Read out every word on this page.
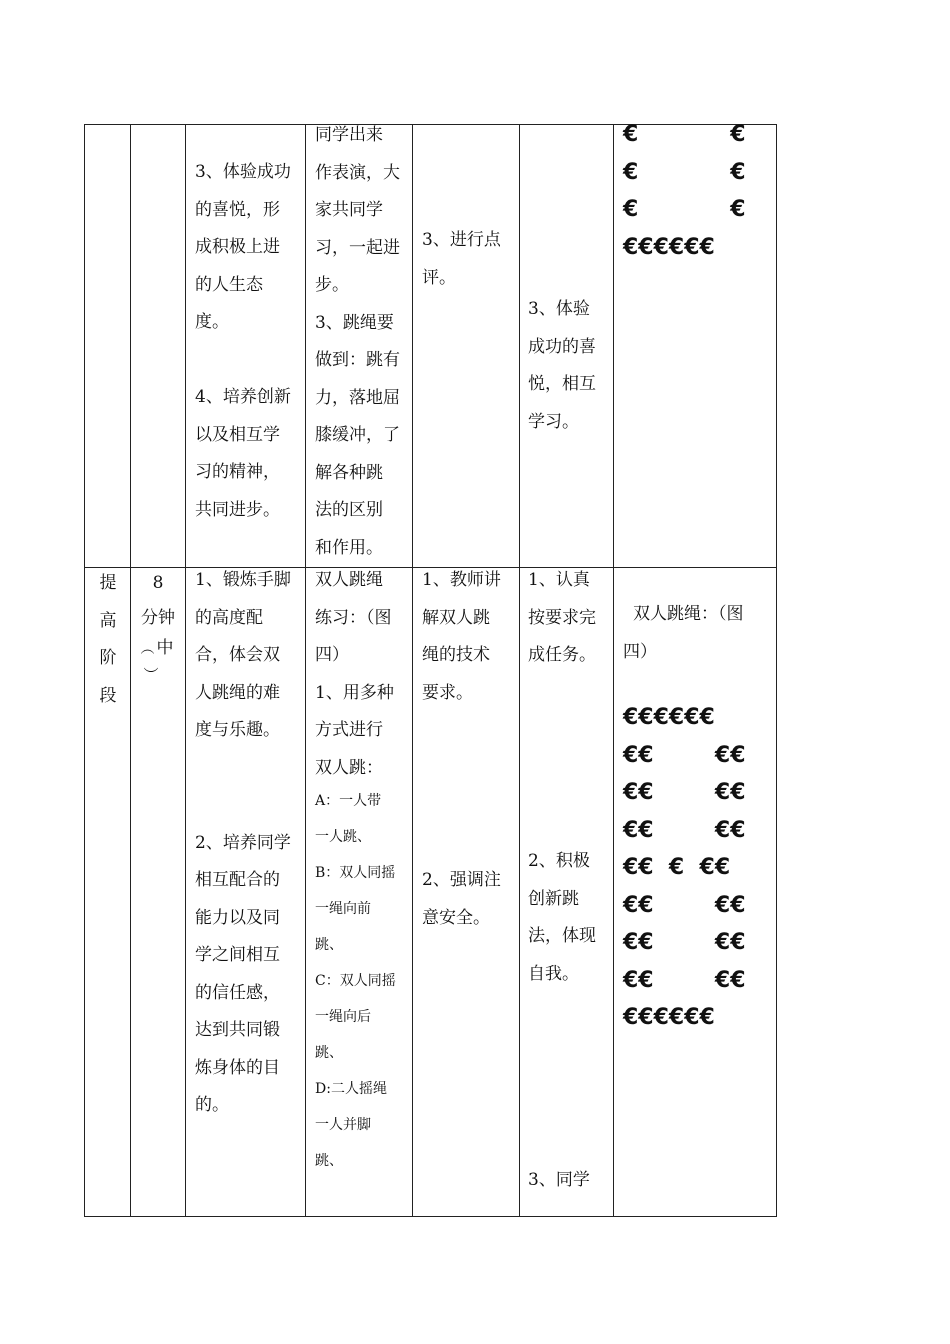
3、体验成功
的喜悦，形
成积极上进
的人生态
度。

4、培养创新
以及相互学
习的精神，
共同进步。
同学出来
作表演，大
家共同学
习，一起进
步。
3、跳绳要
做到：跳有
力，落地屈
膝缓冲，了
解各种跳
法的区别
和作用。
3、进行点
评。
3、体验
成功的喜
悦，相互
学习。
€            €
€            €
€            €
€€€€€€
提
高
阶
段
8
分钟
︵ 中
︶
1、锻炼手脚
的高度配
合，体会双
人跳绳的难
度与乐趣。

2、培养同学
相互配合的
能力以及同
学之间相互
的信任感，
达到共同锻
炼身体的目
的。
双人跳绳
练习：（图
四）
1、用多种
方式进行
双人跳：
A：一人带
一人跳、
B：双人同摇
一绳向前
跳、
C：双人同摇
一绳向后
跳、
D:二人摇绳
一人并脚
跳、
1、教师讲
解双人跳
绳的技术
要求。

2、强调注
意安全。
1、认真
按要求完
成任务。
2、积极
创新跳
法，体现
自我。
3、同学
双人跳绳：（图
四）
€€€€€€
€€        €€
€€        €€
€€        €€
€€  €  €€
€€        €€
€€        €€
€€        €€
€€€€€€
